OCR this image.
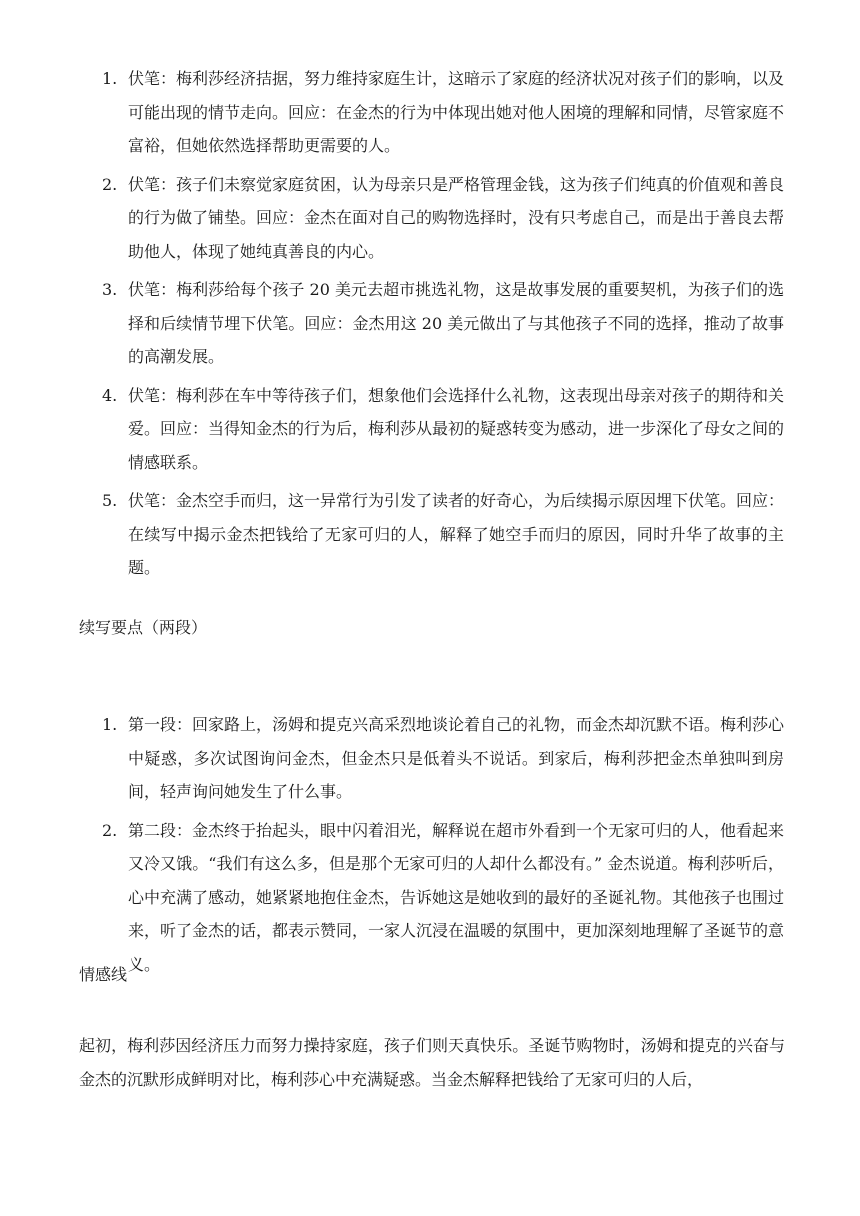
1. 伏笔：梅利莎经济拮据，努力维持家庭生计，这暗示了家庭的经济状况对孩子们的影响，以及可能出现的情节走向。回应：在金杰的行为中体现出她对他人困境的理解和同情，尽管家庭不富裕，但她依然选择帮助更需要的人。
2. 伏笔：孩子们未察觉家庭贫困，认为母亲只是严格管理金钱，这为孩子们纯真的价值观和善良的行为做了铺垫。回应：金杰在面对自己的购物选择时，没有只考虑自己，而是出于善良去帮助他人，体现了她纯真善良的内心。
3. 伏笔：梅利莎给每个孩子 20 美元去超市挑选礼物，这是故事发展的重要契机，为孩子们的选择和后续情节埋下伏笔。回应：金杰用这 20 美元做出了与其他孩子不同的选择，推动了故事的高潮发展。
4. 伏笔：梅利莎在车中等待孩子们，想象他们会选择什么礼物，这表现出母亲对孩子的期待和关爱。回应：当得知金杰的行为后，梅利莎从最初的疑惑转变为感动，进一步深化了母女之间的情感联系。
5. 伏笔：金杰空手而归，这一异常行为引发了读者的好奇心，为后续揭示原因埋下伏笔。回应：在续写中揭示金杰把钱给了无家可归的人，解释了她空手而归的原因，同时升华了故事的主题。
续写要点（两段）
1. 第一段：回家路上，汤姆和提克兴高采烈地谈论着自己的礼物，而金杰却沉默不语。梅利莎心中疑惑，多次试图询问金杰，但金杰只是低着头不说话。到家后，梅利莎把金杰单独叫到房间，轻声询问她发生了什么事。
2. 第二段：金杰终于抬起头，眼中闪着泪光，解释说在超市外看到一个无家可归的人，他看起来又冷又饿。“我们有这么多，但是那个无家可归的人却什么都没有。” 金杰说道。梅利莎听后，心中充满了感动，她紧紧地抱住金杰，告诉她这是她收到的最好的圣诞礼物。其他孩子也围过来，听了金杰的话，都表示赞同，一家人沉浸在温暖的氛围中，更加深刻地理解了圣诞节的意义。
情感线

起初，梅利莎因经济压力而努力操持家庭，孩子们则天真快乐。圣诞节购物时，汤姆和提克的兴奋与金杰的沉默形成鲜明对比，梅利莎心中充满疑惑。当金杰解释把钱给了无家可归的人后，
